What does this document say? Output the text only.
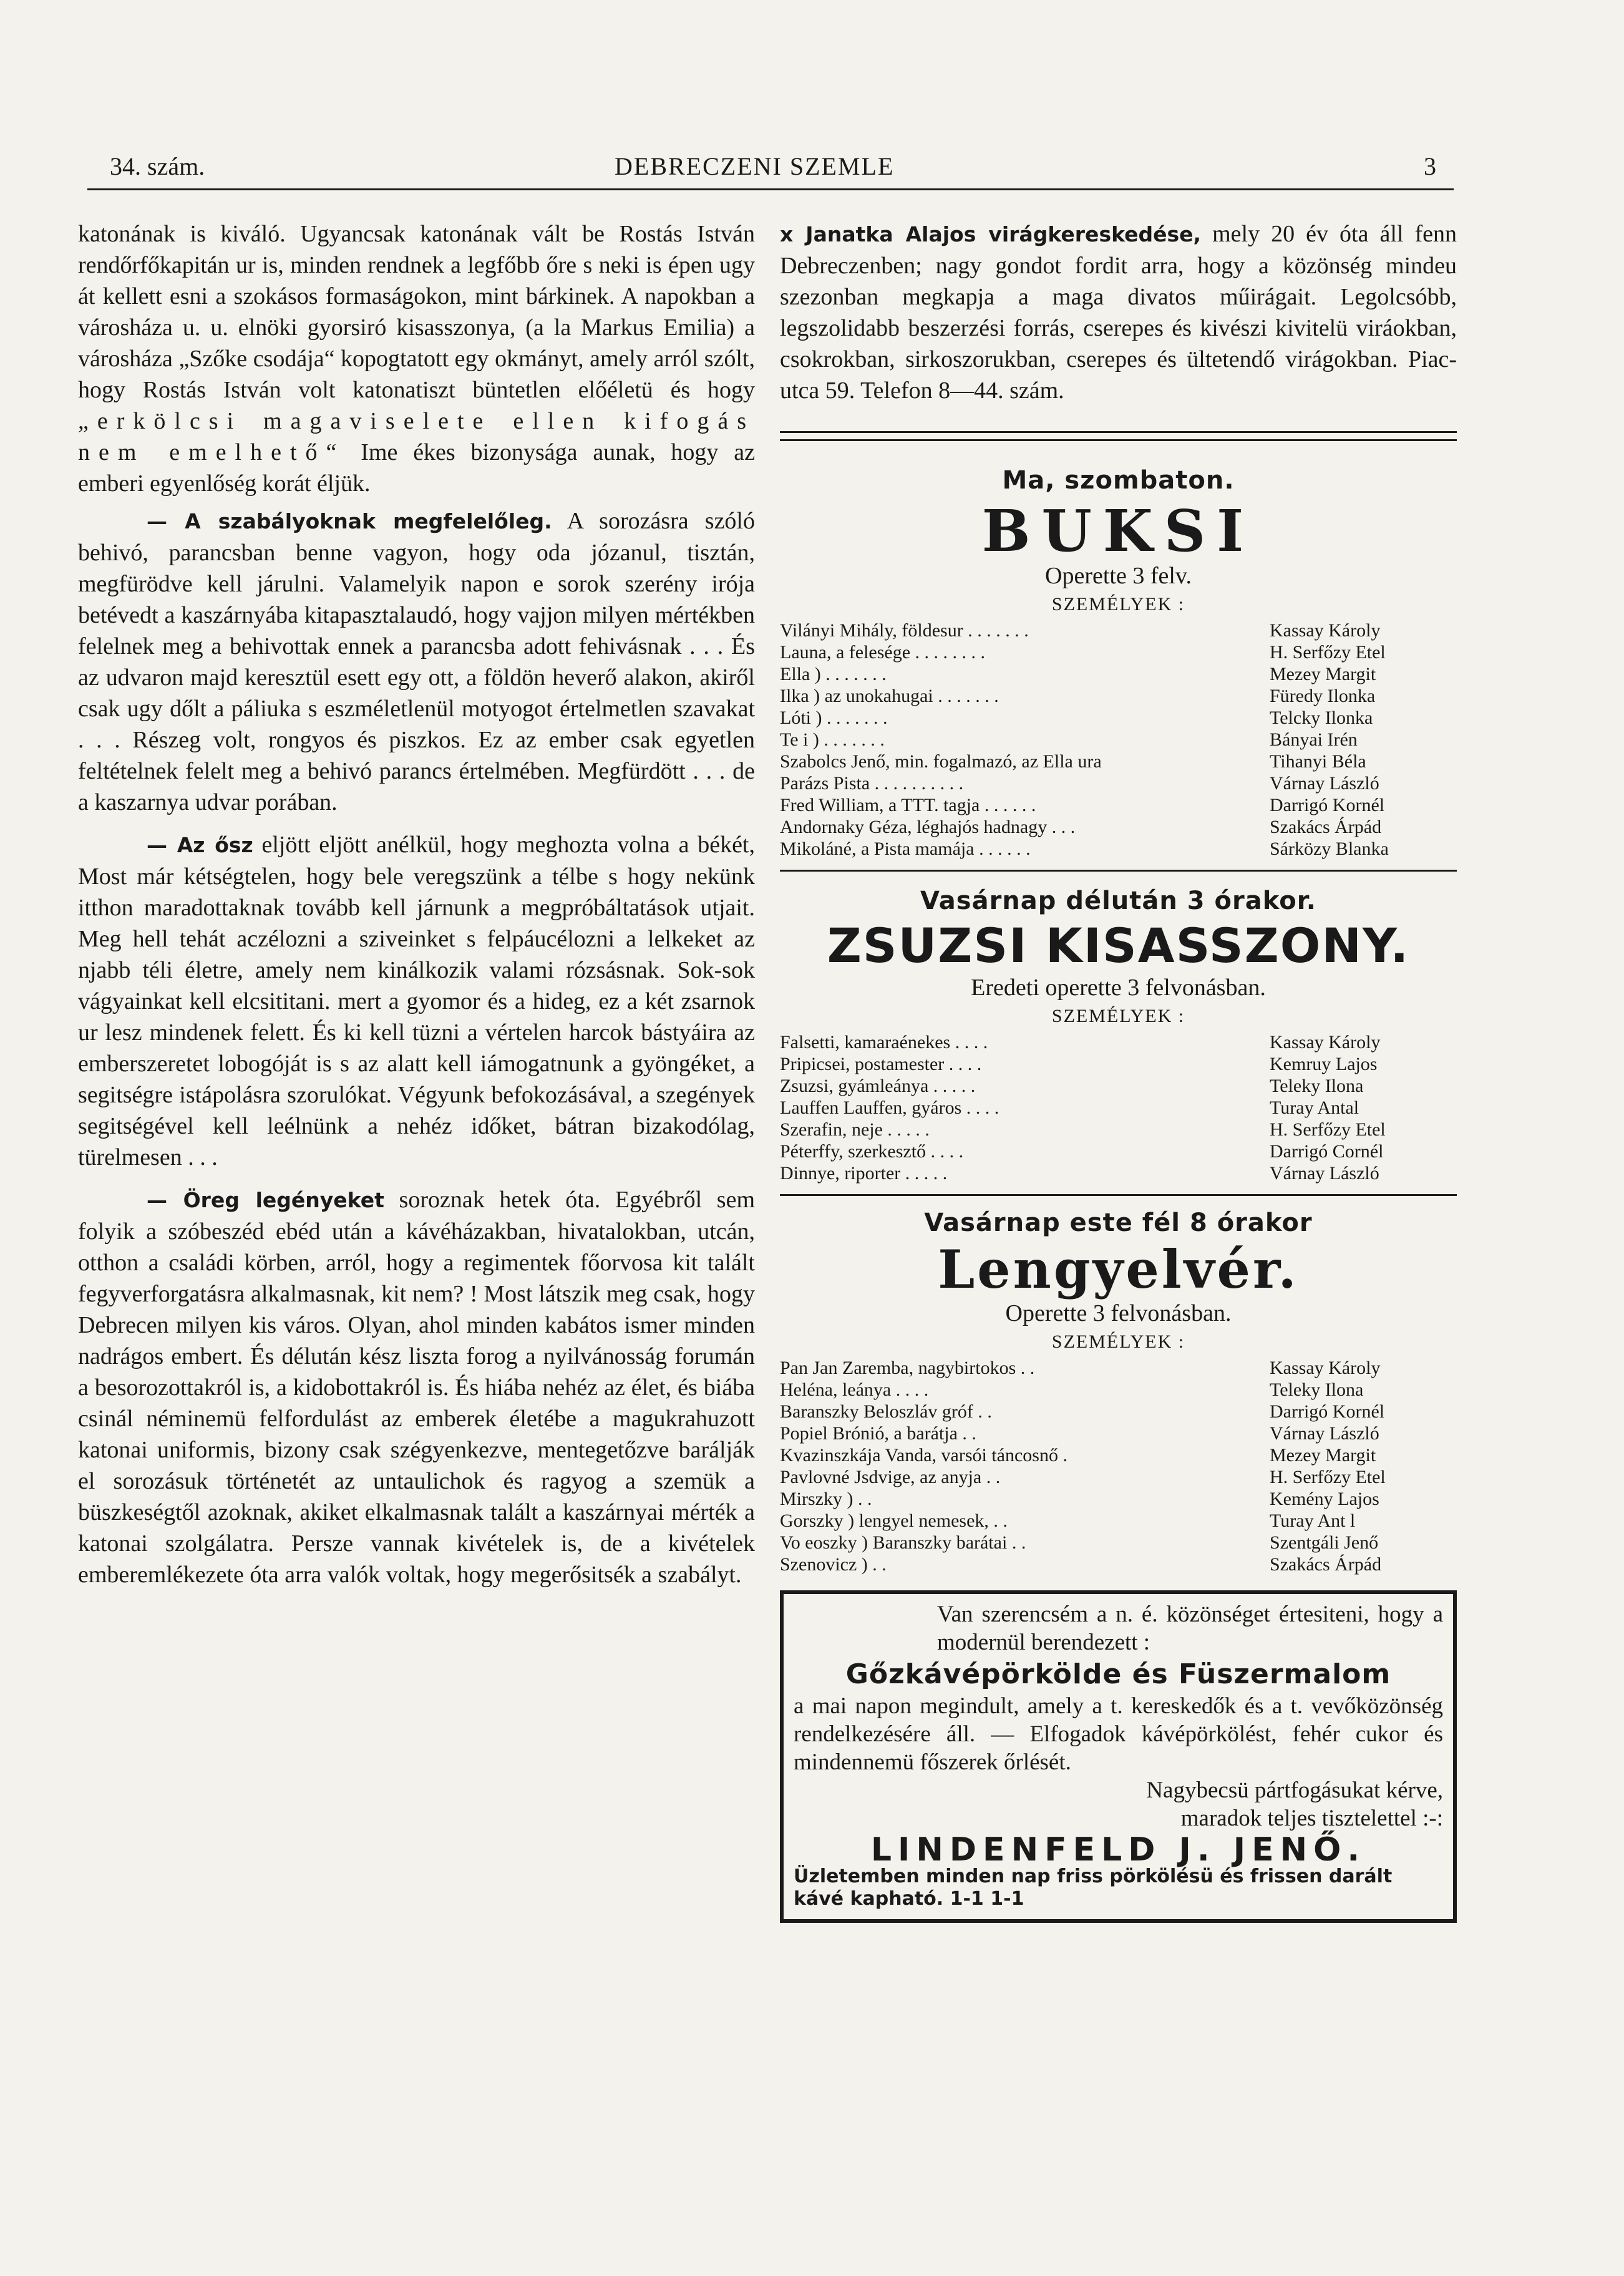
34. szám.	DEBRECZENI SZEMLE	3

katonának is kiváló. Ugyancsak katonának vált be Rostás István rendőrfőkapitán ur is, minden rendnek a legfőbb őre s neki is épen ugy át kellett esni a szokásos formaságokon, mint bárkinek. A napokban a városháza u. u. elnöki gyorsiró kisasszonya, (a la Markus Emilia) a városháza „Szőke csodája“ kopogtatott egy okmányt, amely arról szólt, hogy Rostás István volt katonatiszt büntetlen előéletü és hogy „erkölcsi magaviselete ellen kifogás nem emelhető“ Ime ékes bizonysága aunak, hogy az emberi egyenlőség korát éljük.

— A szabályoknak megfelelőleg. A sorozásra szóló behivó, parancsban benne vagyon, hogy oda józanul, tisztán, megfürödve kell járulni. Valamelyik napon e sorok szerény irója betévedt a kaszárnyába kitapasztalaudó, hogy vajjon milyen mértékben felelnek meg a behivottak ennek a parancsba adott fehivásnak . . . És az udvaron majd keresztül esett egy ott, a földön heverő alakon, akiről csak ugy dőlt a páliuka s eszméletlenül motyogot értelmetlen szavakat . . . Részeg volt, rongyos és piszkos. Ez az ember csak egyetlen feltételnek felelt meg a behivó parancs értelmében. Megfürdött . . . de a kaszarnya udvar porában.

— Az ősz eljött eljött anélkül, hogy meghozta volna a békét, Most már kétségtelen, hogy bele veregszünk a télbe s hogy nekünk itthon maradottaknak tovább kell járnunk a megpróbáltatások utjait. Meg hell tehát aczélozni a sziveinket s felpáucélozni a lelkeket az njabb téli életre, amely nem kinálkozik valami rózsásnak. Sok-sok vágyainkat kell elcsititani. mert a gyomor és a hideg, ez a két zsarnok ur lesz mindenek felett. És ki kell tüzni a vértelen harcok bástyáira az emberszeretet lobogóját is s az alatt kell iámogatnunk a gyöngéket, a segitségre istápolásra szorulókat. Végyunk befokozásával, a szegények segitségével kell leélnünk a nehéz időket, bátran bizakodólag, türelmesen . . .

— Öreg legényeket soroznak hetek óta. Egyébről sem folyik a szóbeszéd ebéd után a kávéházakban, hivatalokban, utcán, otthon a családi körben, arról, hogy a regimentek főorvosa kit talált fegyverforgatásra alkalmasnak, kit nem? ! Most látszik meg csak, hogy Debrecen milyen kis város. Olyan, ahol minden kabátos ismer minden nadrágos embert. És délután kész liszta forog a nyilvánosság forumán a besorozottakról is, a kidobottakról is. És hiába nehéz az élet, és biába csinál néminemü felfordulást az emberek életébe a magukrahuzott katonai uniformis, bizony csak szégyenkezve, mentegetőzve barálják el sorozásuk történetét az untaulichok és ragyog a szemük a büszkeségtől azoknak, akiket elkalmasnak talált a kaszárnyai mérték a katonai szolgálatra. Persze vannak kivételek is, de a kivételek emberemlékezete óta arra valók voltak, hogy megerősitsék a szabályt.

x Janatka Alajos virágkereskedése, mely 20 év óta áll fenn Debreczenben; nagy gondot fordit arra, hogy a közönség mindeu szezonban megkapja a maga divatos műirágait. Legolcsóbb, legszolidabb beszerzési forrás, cserepes és kivészi kivitelü viráokban, csokrokban, sirkoszorukban, cserepes és ültetendő virágokban. Piac-utca 59. Telefon 8—44. szám.

Ma, szombaton.
BUKSI
Operette 3 felv.
SZEMÉLYEK :
Vilányi Mihály, földesur . . . . . . .	Kassay Károly
Launa, a felesége . . . . . . . .	H. Serfőzy Etel
Ella ) . . . . . . .	Mezey Margit
Ilka ) az unokahugai . . . . . . .	Füredy Ilonka
Lóti ) . . . . . . .	Telcky Ilonka
Te i ) . . . . . . .	Bányai Irén
Szabolcs Jenő, min. fogalmazó, az Ella ura	Tihanyi Béla
Parázs Pista . . . . . . . . . .	Várnay László
Fred William, a TTT. tagja . . . . . .	Darrigó Kornél
Andornaky Géza, léghajós hadnagy . . .	Szakács Árpád
Mikoláné, a Pista mamája . . . . . .	Sárközy Blanka
Vasárnap délután 3 órakor.
ZSUZSI KISASSZONY.
Eredeti operette 3 felvonásban.
SZEMÉLYEK :
Falsetti, kamaraénekes . . . .	Kassay Károly
Pripicsei, postamester . . . .	Kemruy Lajos
Zsuzsi, gyámleánya . . . . .	Teleky Ilona
Lauffen Lauffen, gyáros . . . .	Turay Antal
Szerafin, neje . . . . .	H. Serfőzy Etel
Péterffy, szerkesztő . . . .	Darrigó Cornél
Dinnye, riporter . . . . .	Várnay László
Vasárnap este fél 8 órakor
Lengyelvér.
Operette 3 felvonásban.
SZEMÉLYEK :
Pan Jan Zaremba, nagybirtokos . .	Kassay Károly
Heléna, leánya . . . .	Teleky Ilona
Baranszky Beloszláv gróf . .	Darrigó Kornél
Popiel Brónió, a barátja . .	Várnay László
Kvazinszkája Vanda, varsói táncosnő .	Mezey Margit
Pavlovné Jsdvige, az anyja . .	H. Serfőzy Etel
Mirszky ) . .	Kemény Lajos
Gorszky ) lengyel nemesek, . .	Turay Ant l
Vo eoszky ) Baranszky barátai . .	Szentgáli Jenő
Szenovicz ) . .	Szakács Árpád

Van szerencsém a n. é. közönséget értesiteni, hogy a modernül berendezett :

Gőzkávépörkölde és Füszermalom

a mai napon megindult, amely a t. kereskedők és a t. vevőközönség rendelkezésére áll. — Elfogadok kávépörkölést, fehér cukor és mindennemü főszerek őrlését.

Nagybecsü pártfogásukat kérve,

maradok teljes tisztelettel :-:

LINDENFELD J. JENŐ.

Üzletemben minden nap friss pörkölésü és frissen darált kávé kapható. 1-1 1-1
